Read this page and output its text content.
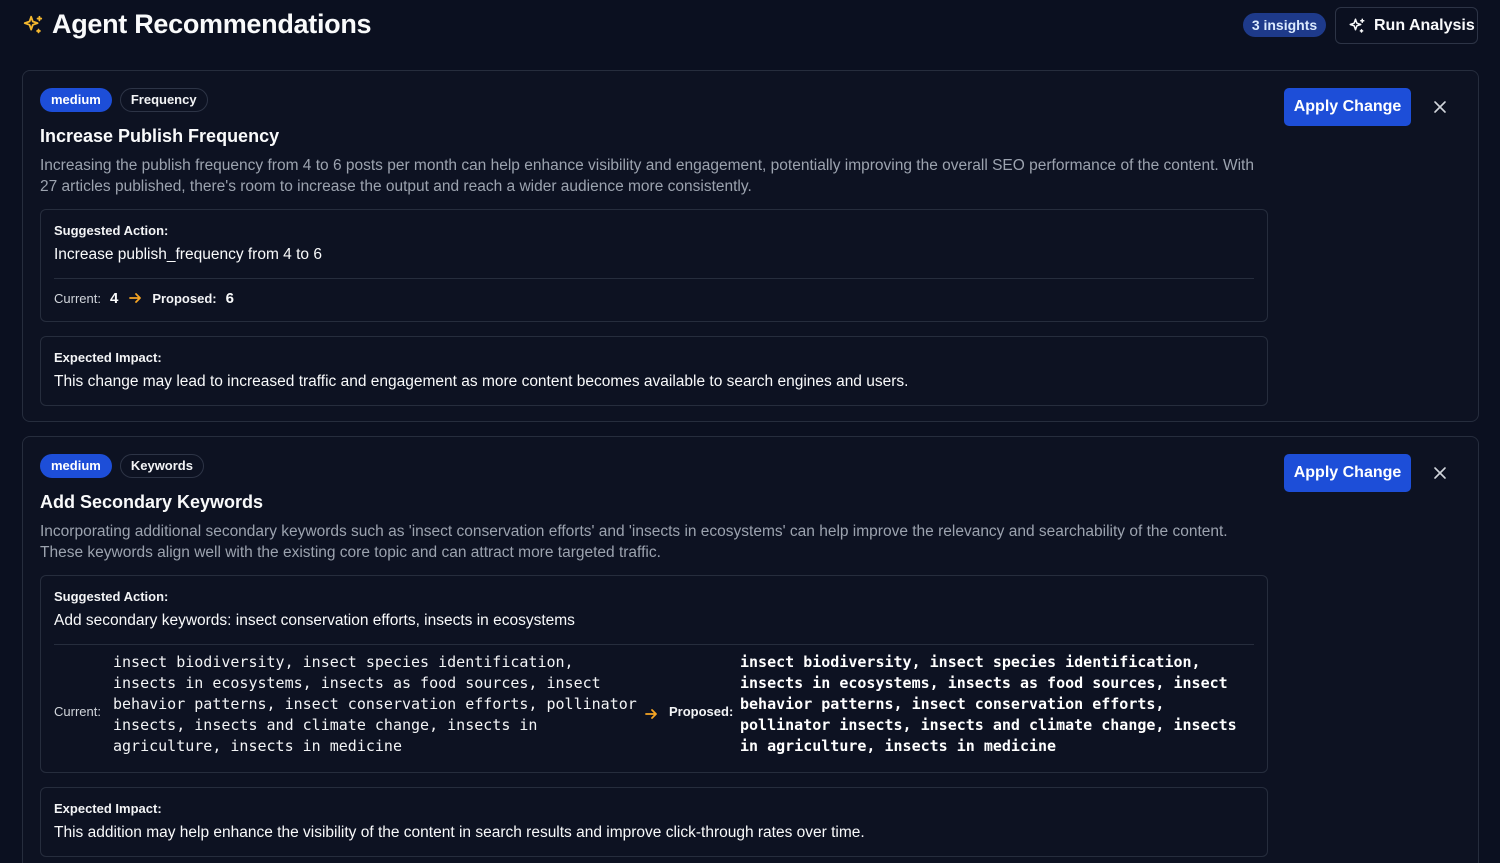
Agent Recommendations	3 insights	Run Analysis
medium	Frequency
Increase Publish Frequency
Increasing the publish frequency from 4 to 6 posts per month can help enhance visibility and engagement, potentially improving the overall SEO performance of the content. With 27 articles published, there's room to increase the output and reach a wider audience more consistently.
Apply Change
Suggested Action:
Increase publish_frequency from 4 to 6
Current: 4	Proposed: 6
Expected Impact:
This change may lead to increased traffic and engagement as more content becomes available to search engines and users.
medium	Keywords
Add Secondary Keywords
Incorporating additional secondary keywords such as 'insect conservation efforts' and 'insects in ecosystems' can help improve the relevancy and searchability of the content. These keywords align well with the existing core topic and can attract more targeted traffic.
Apply Change
Suggested Action:
Add secondary keywords: insect conservation efforts, insects in ecosystems
Current:
insect biodiversity, insect species identification,
insects in ecosystems, insects as food sources, insect
behavior patterns, insect conservation efforts, pollinator
insects, insects and climate change, insects in
agriculture, insects in medicine
Proposed:
insect biodiversity, insect species identification,
insects in ecosystems, insects as food sources, insect
behavior patterns, insect conservation efforts,
pollinator insects, insects and climate change, insects
in agriculture, insects in medicine
Expected Impact:
This addition may help enhance the visibility of the content in search results and improve click-through rates over time.
